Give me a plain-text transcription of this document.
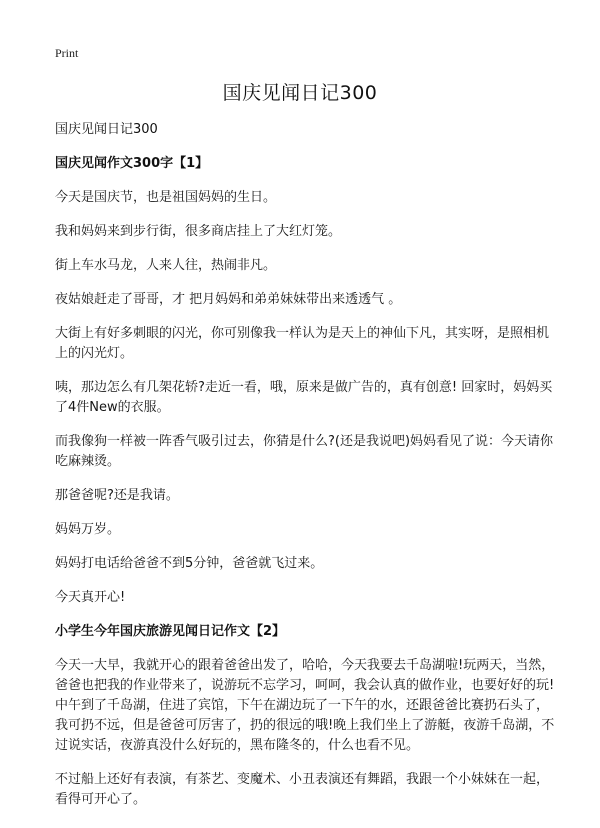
Print
国庆见闻日记300
国庆见闻日记300
国庆见闻作文300字【1】
今天是国庆节，也是祖国妈妈的生日。
我和妈妈来到步行街，很多商店挂上了大红灯笼。
街上车水马龙，人来人往，热闹非凡。
夜姑娘赶走了哥哥，才 把月妈妈和弟弟妹妹带出来透透气 。
大街上有好多刺眼的闪光，你可别像我一样认为是天上的神仙下凡，其实呀，是照相机上的闪光灯。
咦，那边怎么有几架花轿?走近一看，哦，原来是做广告的，真有创意! 回家时，妈妈买了4件New的衣服。
而我像狗一样被一阵香气吸引过去，你猜是什么?(还是我说吧)妈妈看见了说：今天请你吃麻辣烫。
那爸爸呢?还是我请。
妈妈万岁。
妈妈打电话给爸爸不到5分钟，爸爸就飞过来。
今天真开心!
小学生今年国庆旅游见闻日记作文【2】
今天一大早，我就开心的跟着爸爸出发了，哈哈，今天我要去千岛湖啦!玩两天，当然，爸爸也把我的作业带来了，说游玩不忘学习，呵呵，我会认真的做作业，也要好好的玩!中午到了千岛湖，住进了宾馆，下午在湖边玩了一下午的水，还跟爸爸比赛扔石头了，我可扔不远，但是爸爸可厉害了，扔的很远的哦!晚上我们坐上了游艇，夜游千岛湖，不过说实话，夜游真没什么好玩的，黑布隆冬的，什么也看不见。
不过船上还好有表演，有茶艺、变魔术、小丑表演还有舞蹈，我跟一个小妹妹在一起，看得可开心了。
